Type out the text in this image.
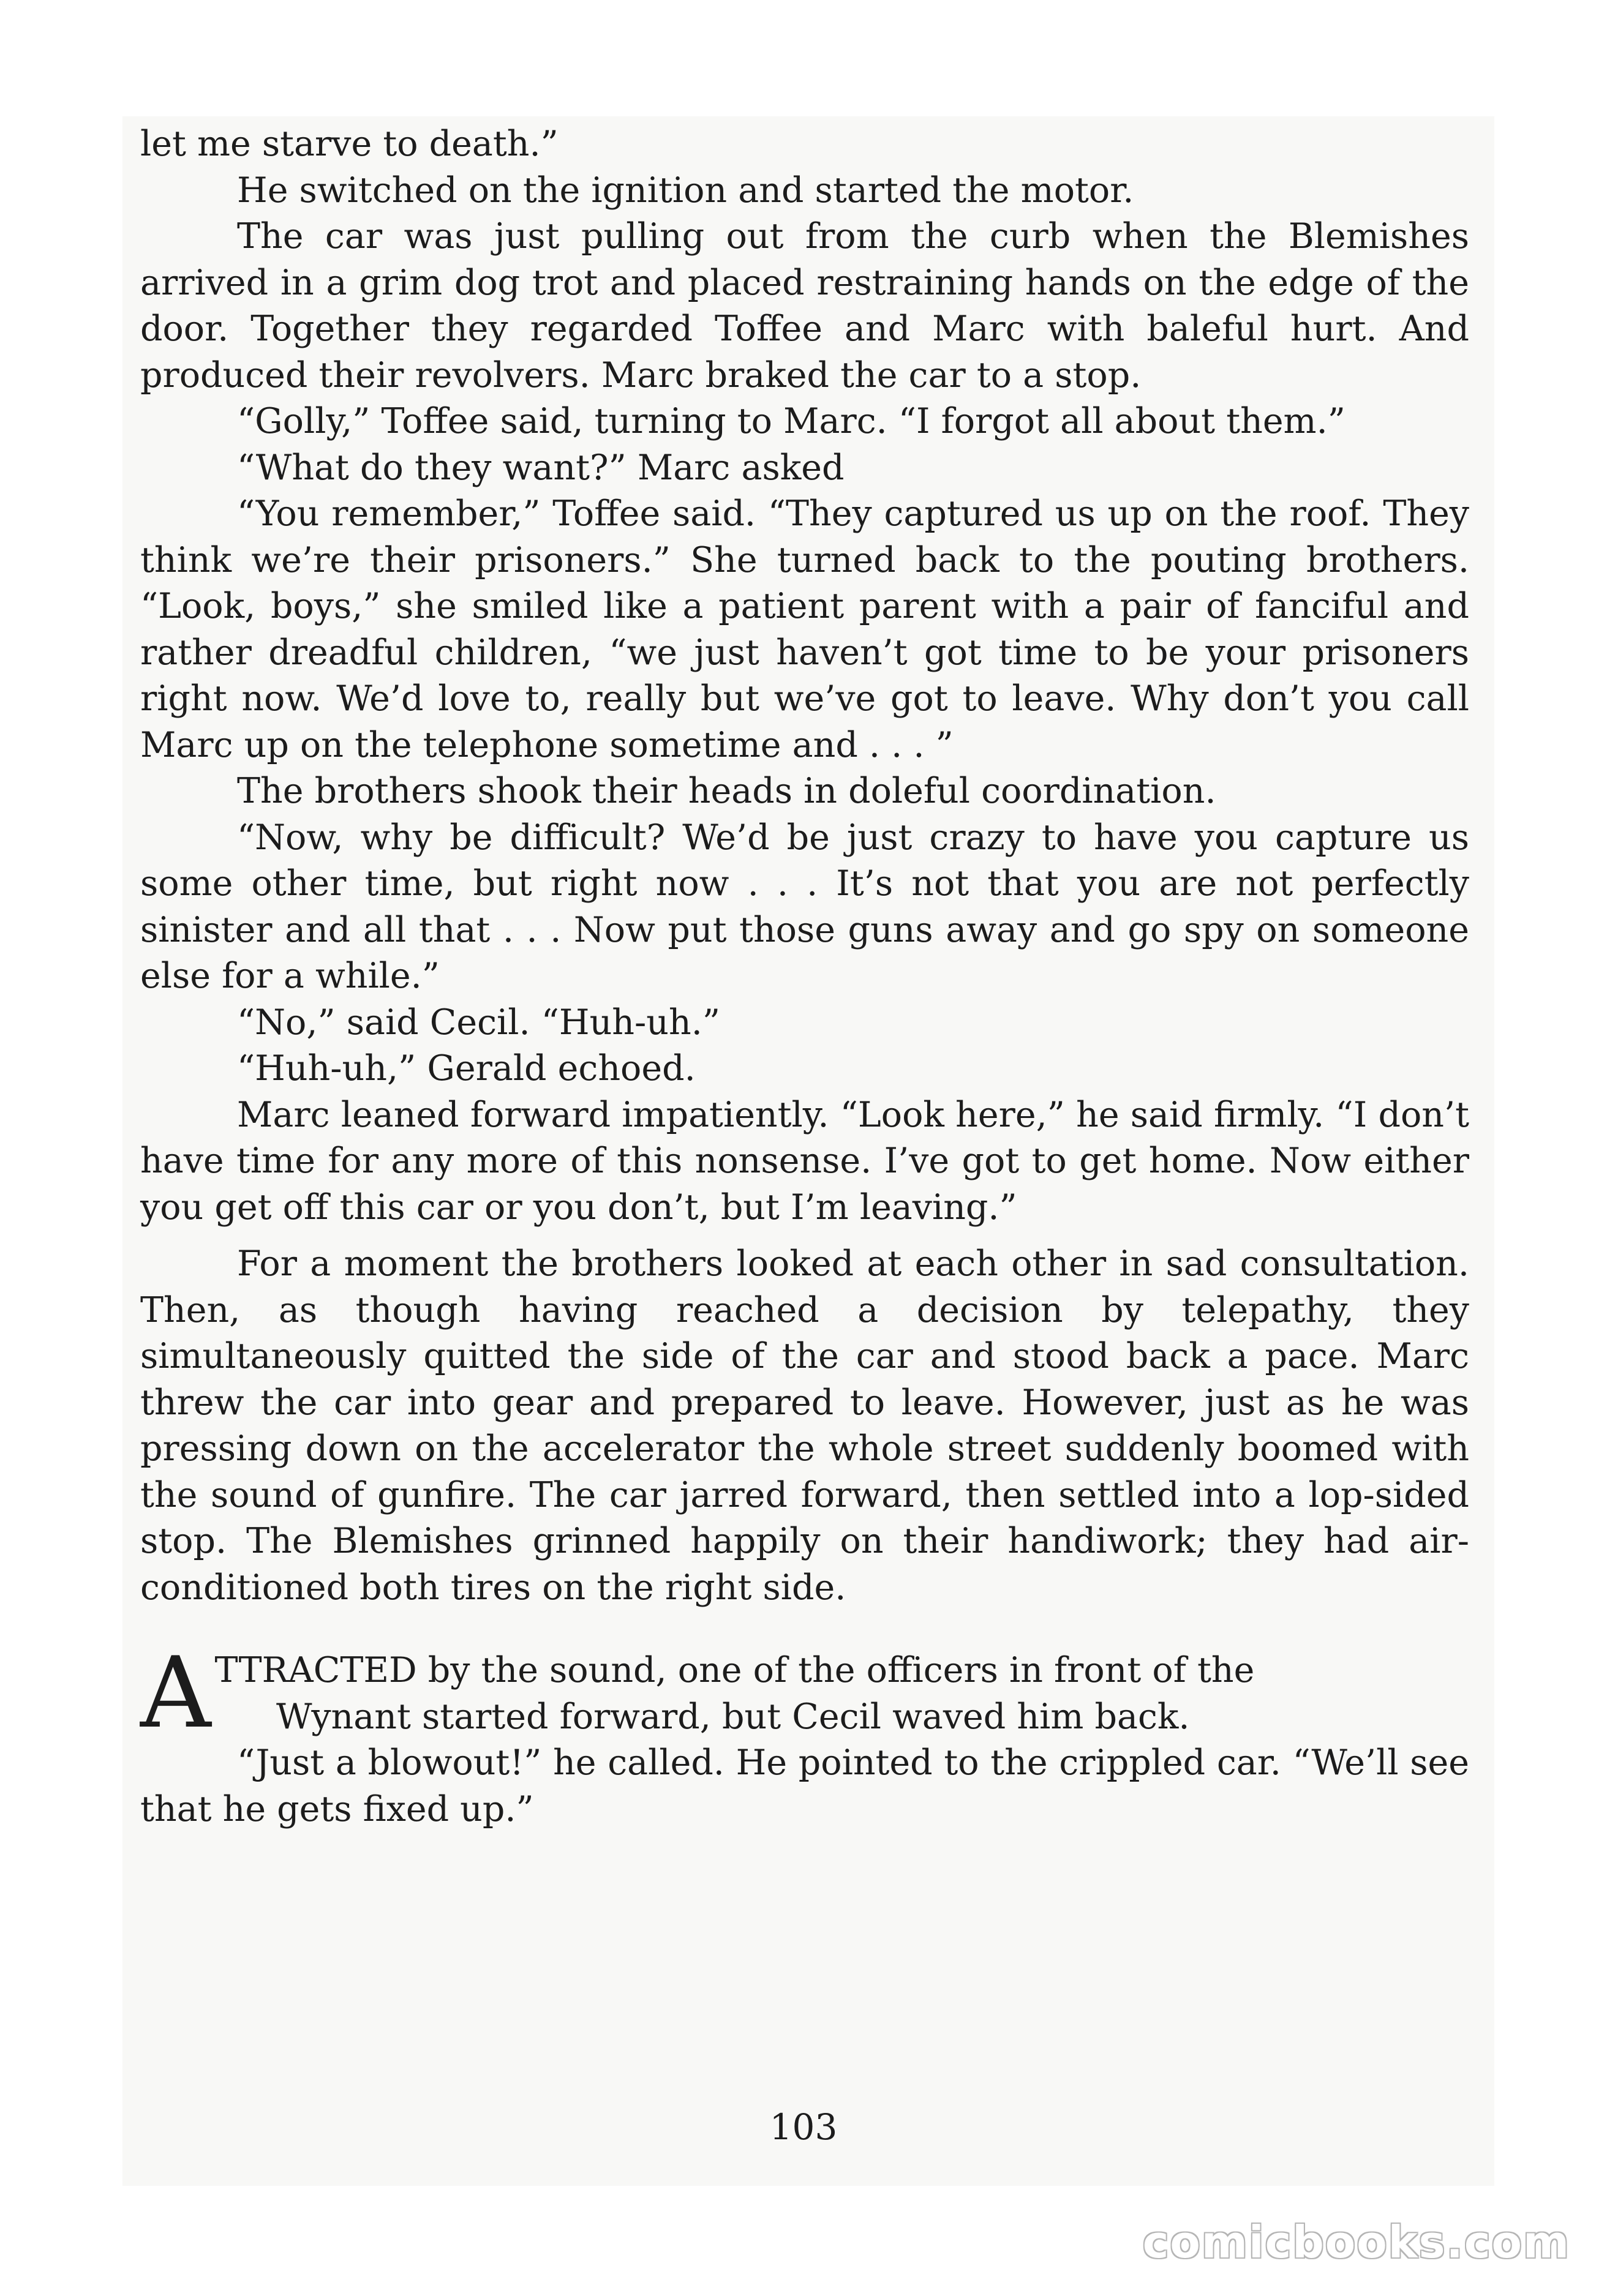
let me starve to death.”

He switched on the ignition and started the motor.

The car was just pulling out from the curb when the Blemishes arrived in a grim dog trot and placed restraining hands on the edge of the door. Together they regarded Toffee and Marc with baleful hurt. And produced their revolvers. Marc braked the car to a stop.

“Golly,” Toffee said, turning to Marc. “I forgot all about them.”

“What do they want?” Marc asked

“You remember,” Toffee said. “They captured us up on the roof. They think we’re their prisoners.” She turned back to the pouting brothers. “Look, boys,” she smiled like a patient parent with a pair of fanciful and rather dreadful children, “we just haven’t got time to be your prisoners right now. We’d love to, really but we’ve got to leave. Why don’t you call Marc up on the telephone sometime and . . . ”

The brothers shook their heads in doleful coordination.

“Now, why be difficult? We’d be just crazy to have you capture us some other time, but right now . . . It’s not that you are not perfectly sinister and all that . . . Now put those guns away and go spy on someone else for a while.”

“No,” said Cecil. “Huh-uh.”

“Huh-uh,” Gerald echoed.

Marc leaned forward impatiently. “Look here,” he said firmly. “I don’t have time for any more of this nonsense. I’ve got to get home. Now either you get off this car or you don’t, but I’m leaving.”

For a moment the brothers looked at each other in sad consultation. Then, as though having reached a decision by telepathy, they simultaneously quitted the side of the car and stood back a pace. Marc threw the car into gear and prepared to leave. However, just as he was pressing down on the accelerator the whole street suddenly boomed with the sound of gunfire. The car jarred forward, then settled into a lop-sided stop. The Blemishes grinned happily on their handiwork; they had air-conditioned both tires on the right side.

A TTRACTED by the sound, one of the officers in front of the
Wynant started forward, but Cecil waved him back.

“Just a blowout!” he called. He pointed to the crippled car. “We’ll see that he gets fixed up.”

103
comicbooks.com
